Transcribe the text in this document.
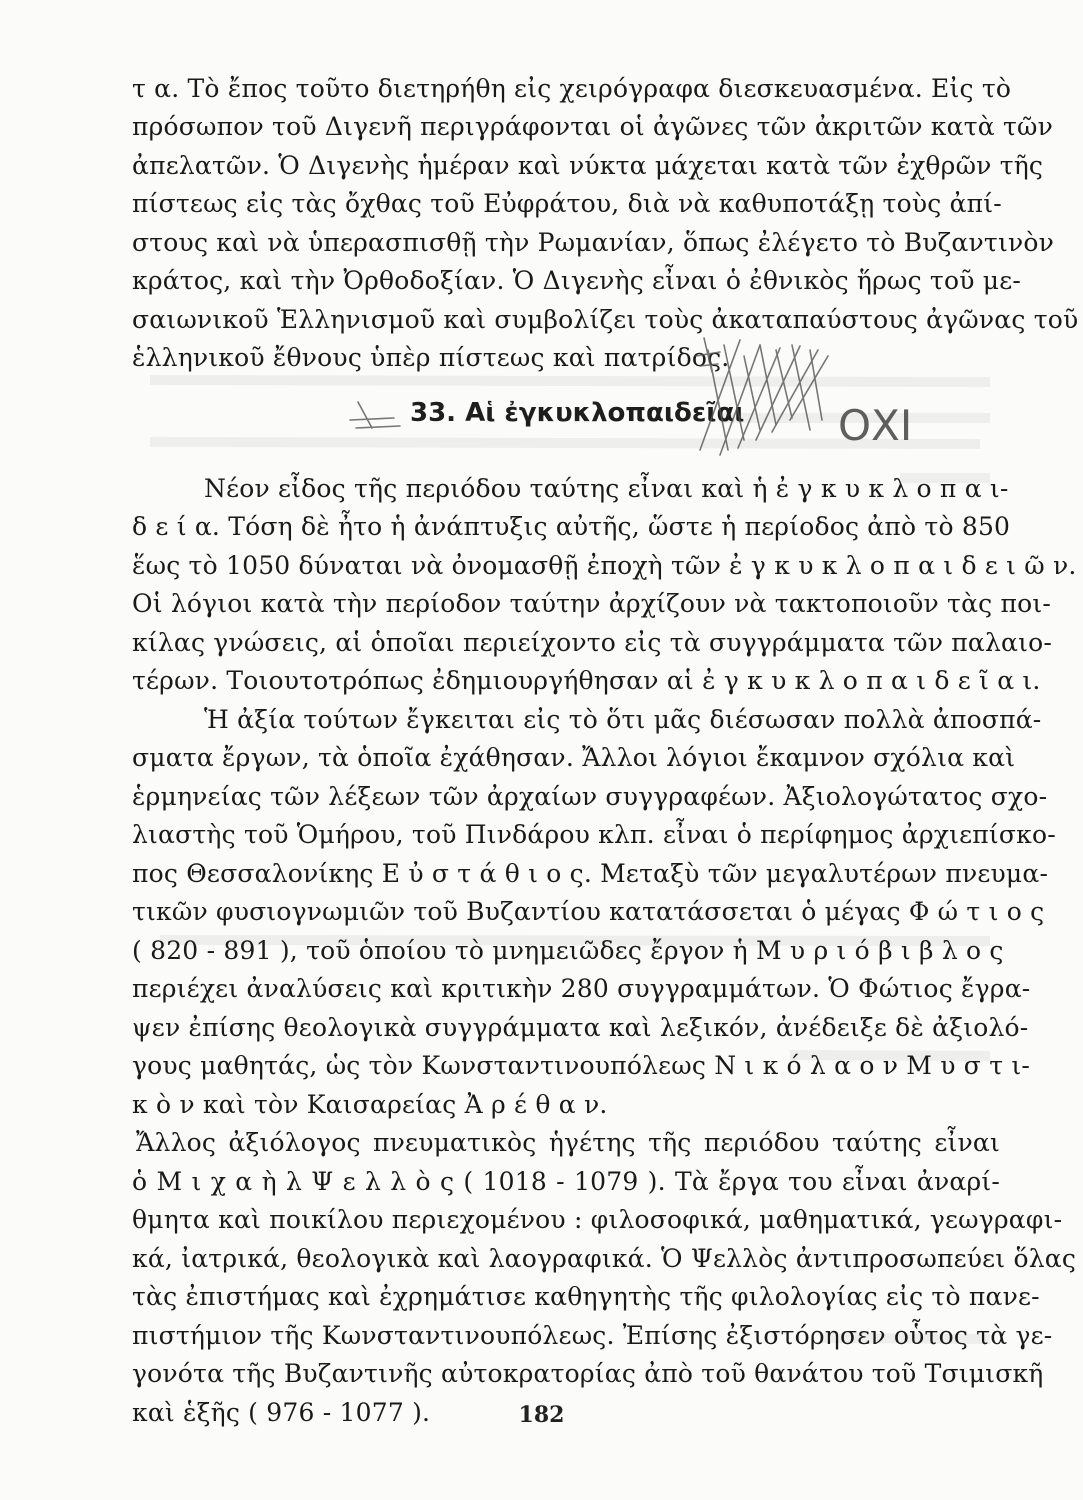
τ α. Τὸ ἔπος τοῦτο διετηρήθη εἰς χειρόγραφα διεσκευασμένα. Εἰς τὸ
πρόσωπον τοῦ Διγενῆ περιγράφονται οἱ ἀγῶνες τῶν ἀκριτῶν κατὰ τῶν
ἀπελατῶν. Ὁ Διγενὴς ἡμέραν καὶ νύκτα μάχεται κατὰ τῶν ἐχθρῶν τῆς
πίστεως εἰς τὰς ὄχθας τοῦ Εὐφράτου, διὰ νὰ καθυποτάξῃ τοὺς ἀπί-
στους καὶ νὰ ὑπερασπισθῇ τὴν Ρωμανίαν, ὅπως ἐλέγετο τὸ Βυζαντινὸν
κράτος, καὶ τὴν Ὀρθοδοξίαν. Ὁ Διγενὴς εἶναι ὁ ἐθνικὸς ἥρως τοῦ με-
σαιωνικοῦ Ἑλληνισμοῦ καὶ συμβολίζει τοὺς ἀκαταπαύστους ἀγῶνας τοῦ
ἑλληνικοῦ ἔθνους ὑπὲρ πίστεως καὶ πατρίδος.
33. Αἱ ἐγκυκλοπαιδεῖαι ΟΧΙ
Νέον εἶδος τῆς περιόδου ταύτης εἶναι καὶ ἡ ἐ γ κ υ κ λ ο π α ι-
δ ε ί α. Τόση δὲ ἦτο ἡ ἀνάπτυξις αὐτῆς, ὥστε ἡ περίοδος ἀπὸ τὸ 850
ἕως τὸ 1050 δύναται νὰ ὀνομασθῇ ἐποχὴ τῶν ἐ γ κ υ κ λ ο π α ι δ ε ι ῶ ν.
Οἱ λόγιοι κατὰ τὴν περίοδον ταύτην ἀρχίζουν νὰ τακτοποιοῦν τὰς ποι-
κίλας γνώσεις, αἱ ὁποῖαι περιείχοντο εἰς τὰ συγγράμματα τῶν παλαιο-
τέρων. Τοιουτοτρόπως ἐδημιουργήθησαν αἱ ἐ γ κ υ κ λ ο π α ι δ ε ῖ α ι.
Ἡ ἀξία τούτων ἔγκειται εἰς τὸ ὅτι μᾶς διέσωσαν πολλὰ ἀποσπά-
σματα ἔργων, τὰ ὁποῖα ἐχάθησαν. Ἄλλοι λόγιοι ἔκαμνον σχόλια καὶ
ἑρμηνείας τῶν λέξεων τῶν ἀρχαίων συγγραφέων. Ἀξιολογώτατος σχο-
λιαστὴς τοῦ Ὁμήρου, τοῦ Πινδάρου κλπ. εἶναι ὁ περίφημος ἀρχιεπίσκο-
πος Θεσσαλονίκης Ε ὐ σ τ ά θ ι ο ς. Μεταξὺ τῶν μεγαλυτέρων πνευμα-
τικῶν φυσιογνωμιῶν τοῦ Βυζαντίου κατατάσσεται ὁ μέγας Φ ώ τ ι ο ς
( 820 - 891 ), τοῦ ὁποίου τὸ μνημειῶδες ἔργον ἡ Μ υ ρ ι ό β ι β λ ο ς
περιέχει ἀναλύσεις καὶ κριτικὴν 280 συγγραμμάτων. Ὁ Φώτιος ἔγρα-
ψεν ἐπίσης θεολογικὰ συγγράμματα καὶ λεξικόν, ἀνέδειξε δὲ ἀξιολό-
γους μαθητάς, ὡς τὸν Κωνσταντινουπόλεως Ν ι κ ό λ α ο ν Μ υ σ τ ι-
κ ὸ ν καὶ τὸν Καισαρείας Ἀ ρ έ θ α ν.
Ἄλλος ἀξιόλογος πνευματικὸς ἡγέτης τῆς περιόδου ταύτης εἶναι
ὁ Μ ι χ α ὴ λ Ψ ε λ λ ὸ ς ( 1018 - 1079 ). Τὰ ἔργα του εἶναι ἀναρί-
θμητα καὶ ποικίλου περιεχομένου : φιλοσοφικά, μαθηματικά, γεωγραφι-
κά, ἰατρικά, θεολογικὰ καὶ λαογραφικά. Ὁ Ψελλὸς ἀντιπροσωπεύει ὅλας
τὰς ἐπιστήμας καὶ ἐχρημάτισε καθηγητὴς τῆς φιλολογίας εἰς τὸ πανε-
πιστήμιον τῆς Κωνσταντινουπόλεως. Ἐπίσης ἐξιστόρησεν οὗτος τὰ γε-
γονότα τῆς Βυζαντινῆς αὐτοκρατορίας ἀπὸ τοῦ θανάτου τοῦ Τσιμισκῆ
καὶ ἑξῆς ( 976 - 1077 ).	182
